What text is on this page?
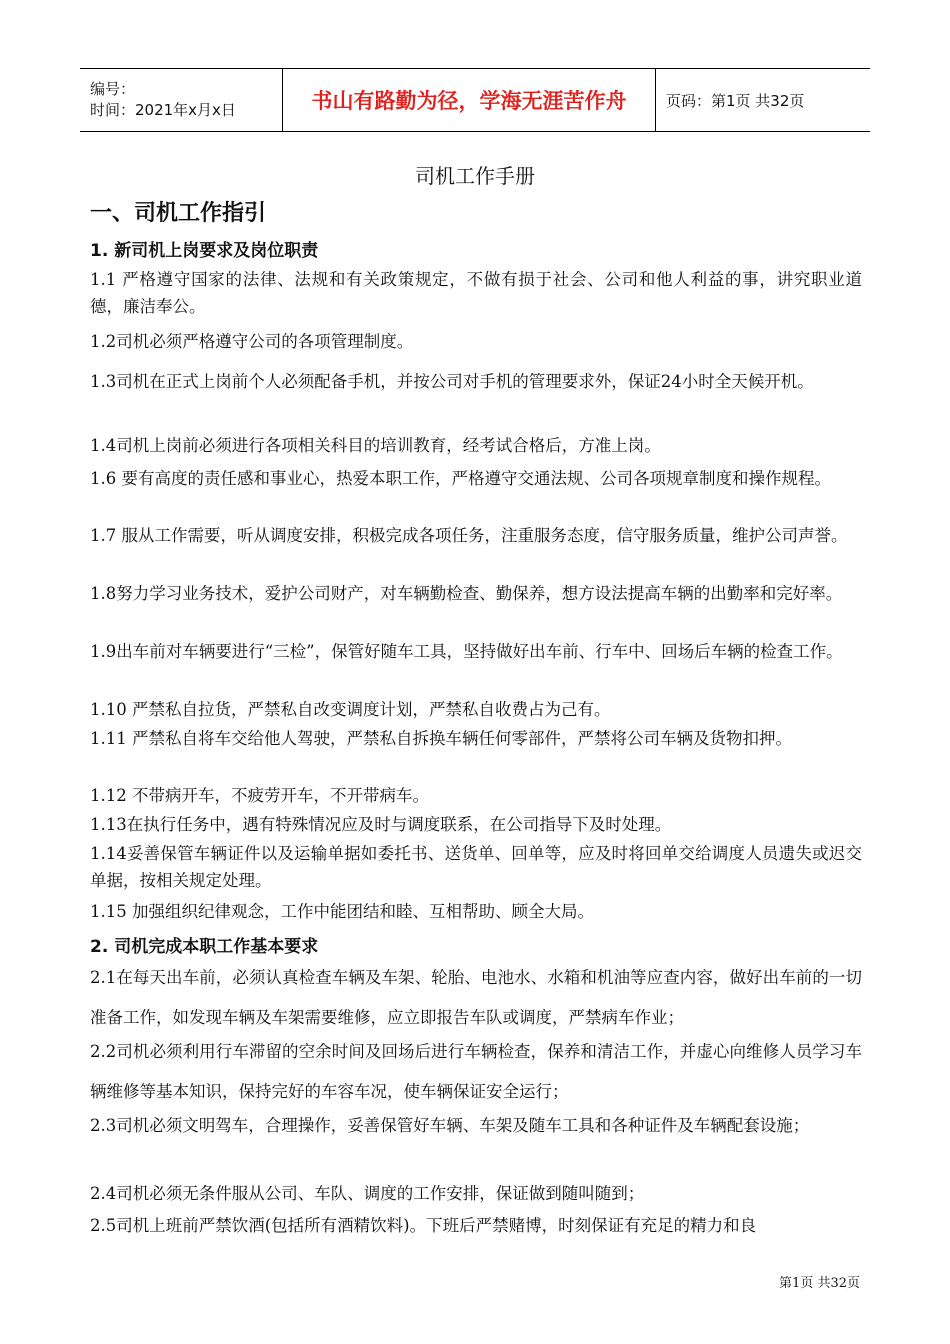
编号：
时间：2021年x月x日	书山有路勤为径，学海无涯苦作舟	页码：第1页 共32页
司机工作手册
一、司机工作指引
1. 新司机上岗要求及岗位职责
1.1 严格遵守国家的法律、法规和有关政策规定，不做有损于社会、公司和他人利益的事，讲究职业道德，廉洁奉公。
1.2司机必须严格遵守公司的各项管理制度。
1.3司机在正式上岗前个人必须配备手机，并按公司对手机的管理要求外，保证24小时全天候开机。
1.4司机上岗前必须进行各项相关科目的培训教育，经考试合格后，方准上岗。
1.6 要有高度的责任感和事业心，热爱本职工作，严格遵守交通法规、公司各项规章制度和操作规程。
1.7 服从工作需要，听从调度安排，积极完成各项任务，注重服务态度，信守服务质量，维护公司声誉。
1.8努力学习业务技术，爱护公司财产，对车辆勤检查、勤保养，想方设法提高车辆的出勤率和完好率。
1.9出车前对车辆要进行“三检”，保管好随车工具，坚持做好出车前、行车中、回场后车辆的检查工作。
1.10 严禁私自拉货，严禁私自改变调度计划，严禁私自收费占为己有。
1.11 严禁私自将车交给他人驾驶，严禁私自拆换车辆任何零部件，严禁将公司车辆及货物扣押。
1.12 不带病开车，不疲劳开车，不开带病车。
1.13在执行任务中，遇有特殊情况应及时与调度联系，在公司指导下及时处理。
1.14妥善保管车辆证件以及运输单据如委托书、送货单、回单等，应及时将回单交给调度人员遗失或迟交单据，按相关规定处理。
1.15 加强组织纪律观念，工作中能团结和睦、互相帮助、顾全大局。
2. 司机完成本职工作基本要求
2.1在每天出车前，必须认真检查车辆及车架、轮胎、电池水、水箱和机油等应查内容，做好出车前的一切准备工作，如发现车辆及车架需要维修，应立即报告车队或调度，严禁病车作业；
2.2司机必须利用行车滞留的空余时间及回场后进行车辆检查，保养和清洁工作，并虚心向维修人员学习车辆维修等基本知识，保持完好的车容车况，使车辆保证安全运行；
2.3司机必须文明驾车，合理操作，妥善保管好车辆、车架及随车工具和各种证件及车辆配套设施；
2.4司机必须无条件服从公司、车队、调度的工作安排，保证做到随叫随到；
2.5司机上班前严禁饮酒(包括所有酒精饮料)。下班后严禁赌博，时刻保证有充足的精力和良
第1页 共32页
